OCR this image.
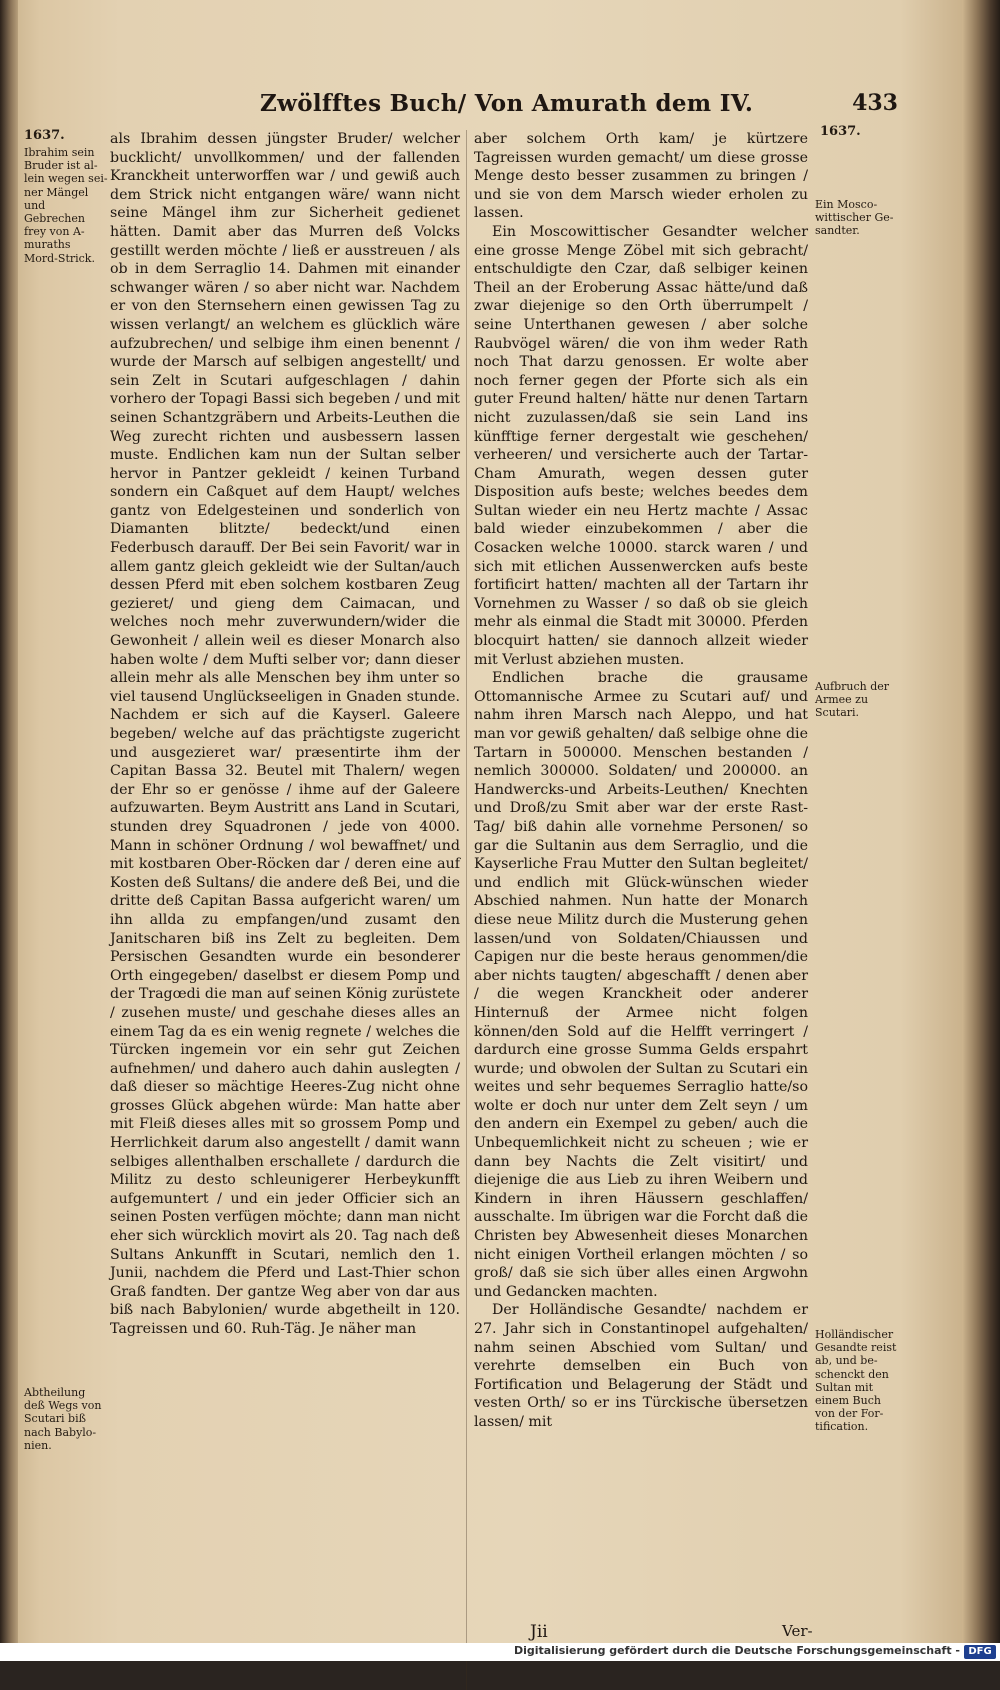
Zwölfftes Buch/ Von Amurath dem IV.	433
1637.
Ibrahim sein
Bruder ist al-
lein wegen sei-
ner Mängel
und Gebrechen
frey von A-
muraths
Mord-Strick.
Abtheilung
deß Wegs von
Scutari biß
nach Babylo-
nien.
1637.
Ein Mosco-
wittischer Ge-
sandter.
Aufbruch der
Armee zu
Scutari.
Holländischer
Gesandte reist
ab, und be-
schenckt den
Sultan mit
einem Buch
von der For-
tification.

als Ibrahim dessen jüngster Bruder/ welcher bucklicht/ unvollkommen/ und der fallenden Kranckheit unterworffen war / und gewiß auch dem Strick nicht entgangen wäre/ wann nicht seine Mängel ihm zur Sicherheit gedienet hätten. Damit aber das Murren deß Volcks gestillt werden möchte / ließ er ausstreuen / als ob in dem Serraglio 14. Dahmen mit einander schwanger wären / so aber nicht war. Nachdem er von den Sternsehern einen gewissen Tag zu wissen verlangt/ an welchem es glücklich wäre aufzubrechen/ und selbige ihm einen benennt / wurde der Marsch auf selbigen angestellt/ und sein Zelt in Scutari aufgeschlagen / dahin vorhero der Topagi Bassi sich begeben / und mit seinen Schantzgräbern und Arbeits-Leuthen die Weg zurecht richten und ausbessern lassen muste. Endlichen kam nun der Sultan selber hervor in Pantzer gekleidt / keinen Turband sondern ein Caßquet auf dem Haupt/ welches gantz von Edelgesteinen und sonderlich von Diamanten blitzte/ bedeckt/und einen Federbusch darauff. Der Bei sein Favorit/ war in allem gantz gleich gekleidt wie der Sultan/auch dessen Pferd mit eben solchem kostbaren Zeug gezieret/ und gieng dem Caimacan, und welches noch mehr zuverwundern/wider die Gewonheit / allein weil es dieser Monarch also haben wolte / dem Mufti selber vor; dann dieser allein mehr als alle Menschen bey ihm unter so viel tausend Unglückseeligen in Gnaden stunde. Nachdem er sich auf die Kayserl. Galeere begeben/ welche auf das prächtigste zugericht und ausgezieret war/ præsentirte ihm der Capitan Bassa 32. Beutel mit Thalern/ wegen der Ehr so er genösse / ihme auf der Galeere aufzuwarten. Beym Austritt ans Land in Scutari, stunden drey Squadronen / jede von 4000. Mann in schöner Ordnung / wol bewaffnet/ und mit kostbaren Ober-Röcken dar / deren eine auf Kosten deß Sultans/ die andere deß Bei, und die dritte deß Capitan Bassa aufgericht waren/ um ihn allda zu empfangen/und zusamt den Janitscharen biß ins Zelt zu begleiten. Dem Persischen Gesandten wurde ein besonderer Orth eingegeben/ daselbst er diesem Pomp und der Tragœdi die man auf seinen König zurüstete / zusehen muste/ und geschahe dieses alles an einem Tag da es ein wenig regnete / welches die Türcken ingemein vor ein sehr gut Zeichen aufnehmen/ und dahero auch dahin auslegten / daß dieser so mächtige Heeres-Zug nicht ohne grosses Glück abgehen würde: Man hatte aber mit Fleiß dieses alles mit so grossem Pomp und Herrlichkeit darum also angestellt / damit wann selbiges allenthalben erschallete / dardurch die Militz zu desto schleunigerer Herbeykunfft aufgemuntert / und ein jeder Officier sich an seinen Posten verfügen möchte; dann man nicht eher sich würcklich movirt als 20. Tag nach deß Sultans Ankunfft in Scutari, nemlich den 1. Junii, nachdem die Pferd und Last-Thier schon Graß fandten. Der gantze Weg aber von dar aus biß nach Babylonien/ wurde abgetheilt in 120. Tagreissen und 60. Ruh-Täg. Je näher man

aber solchem Orth kam/ je kürtzere Tagreissen wurden gemacht/ um diese grosse Menge desto besser zusammen zu bringen / und sie von dem Marsch wieder erholen zu lassen.

Ein Moscowittischer Gesandter welcher eine grosse Menge Zöbel mit sich gebracht/ entschuldigte den Czar, daß selbiger keinen Theil an der Eroberung Assac hätte/und daß zwar diejenige so den Orth überrumpelt / seine Unterthanen gewesen / aber solche Raubvögel wären/ die von ihm weder Rath noch That darzu genossen. Er wolte aber noch ferner gegen der Pforte sich als ein guter Freund halten/ hätte nur denen Tartarn nicht zuzulassen/daß sie sein Land ins künfftige ferner dergestalt wie geschehen/ verheeren/ und versicherte auch der Tartar-Cham Amurath, wegen dessen guter Disposition aufs beste; welches beedes dem Sultan wieder ein neu Hertz machte / Assac bald wieder einzubekommen / aber die Cosacken welche 10000. starck waren / und sich mit etlichen Aussenwercken aufs beste fortificirt hatten/ machten all der Tartarn ihr Vornehmen zu Wasser / so daß ob sie gleich mehr als einmal die Stadt mit 30000. Pferden blocquirt hatten/ sie dannoch allzeit wieder mit Verlust abziehen musten.

Endlichen brache die grausame Ottomannische Armee zu Scutari auf/ und nahm ihren Marsch nach Aleppo, und hat man vor gewiß gehalten/ daß selbige ohne die Tartarn in 500000. Menschen bestanden / nemlich 300000. Soldaten/ und 200000. an Handwercks-und Arbeits-Leuthen/ Knechten und Droß/zu Smit aber war der erste Rast-Tag/ biß dahin alle vornehme Personen/ so gar die Sultanin aus dem Serraglio, und die Kayserliche Frau Mutter den Sultan begleitet/ und endlich mit Glück-wünschen wieder Abschied nahmen. Nun hatte der Monarch diese neue Militz durch die Musterung gehen lassen/und von Soldaten/Chiaussen und Capigen nur die beste heraus genommen/die aber nichts taugten/ abgeschafft / denen aber / die wegen Kranckheit oder anderer Hinternuß der Armee nicht folgen können/den Sold auf die Helfft verringert / dardurch eine grosse Summa Gelds erspahrt wurde; und obwolen der Sultan zu Scutari ein weites und sehr bequemes Serraglio hatte/so wolte er doch nur unter dem Zelt seyn / um den andern ein Exempel zu geben/ auch die Unbequemlichkeit nicht zu scheuen ; wie er dann bey Nachts die Zelt visitirt/ und diejenige die aus Lieb zu ihren Weibern und Kindern in ihren Häussern geschlaffen/ ausschalte. Im übrigen war die Forcht daß die Christen bey Abwesenheit dieses Monarchen nicht einigen Vortheil erlangen möchten / so groß/ daß sie sich über alles einen Argwohn und Gedancken machten.

Der Holländische Gesandte/ nachdem er 27. Jahr sich in Constantinopel aufgehalten/ nahm seinen Abschied vom Sultan/ und verehrte demselben ein Buch von Fortification und Belagerung der Städt und vesten Orth/ so er ins Türckische übersetzen lassen/ mit

Jii	Ver-
Digitalisierung gefördert durch die Deutsche Forschungsgemeinschaft - DFG
